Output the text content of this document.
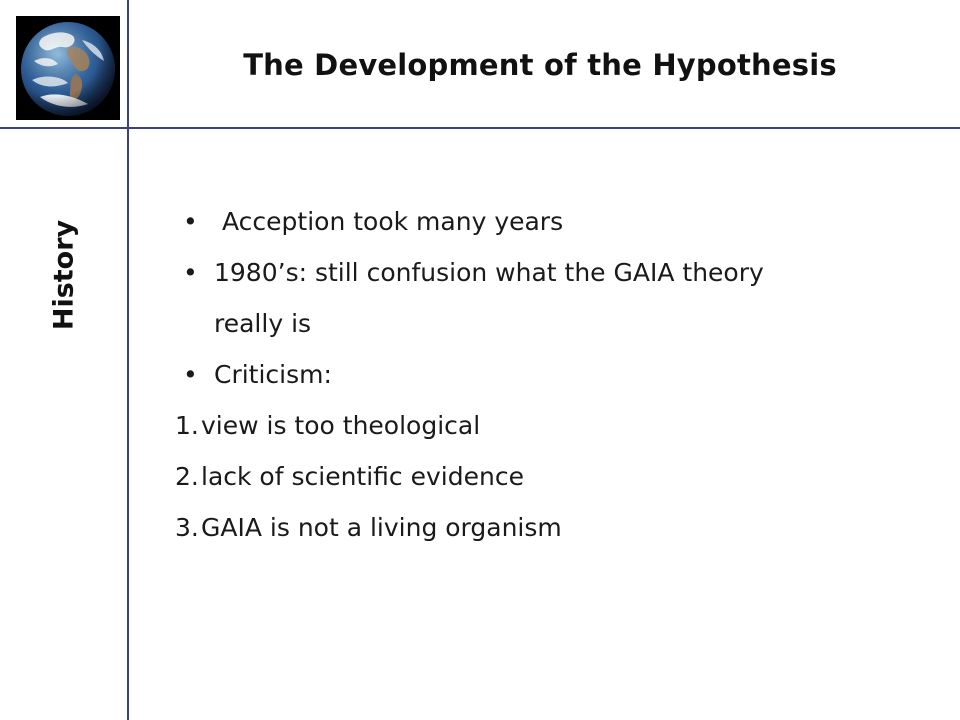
The Development of the Hypothesis
History	• Acception took many years
• 1980’s: still confusion what the GAIA theory
really is
• Criticism:
1. view is too theological
2. lack of scientific evidence
3. GAIA is not a living organism
